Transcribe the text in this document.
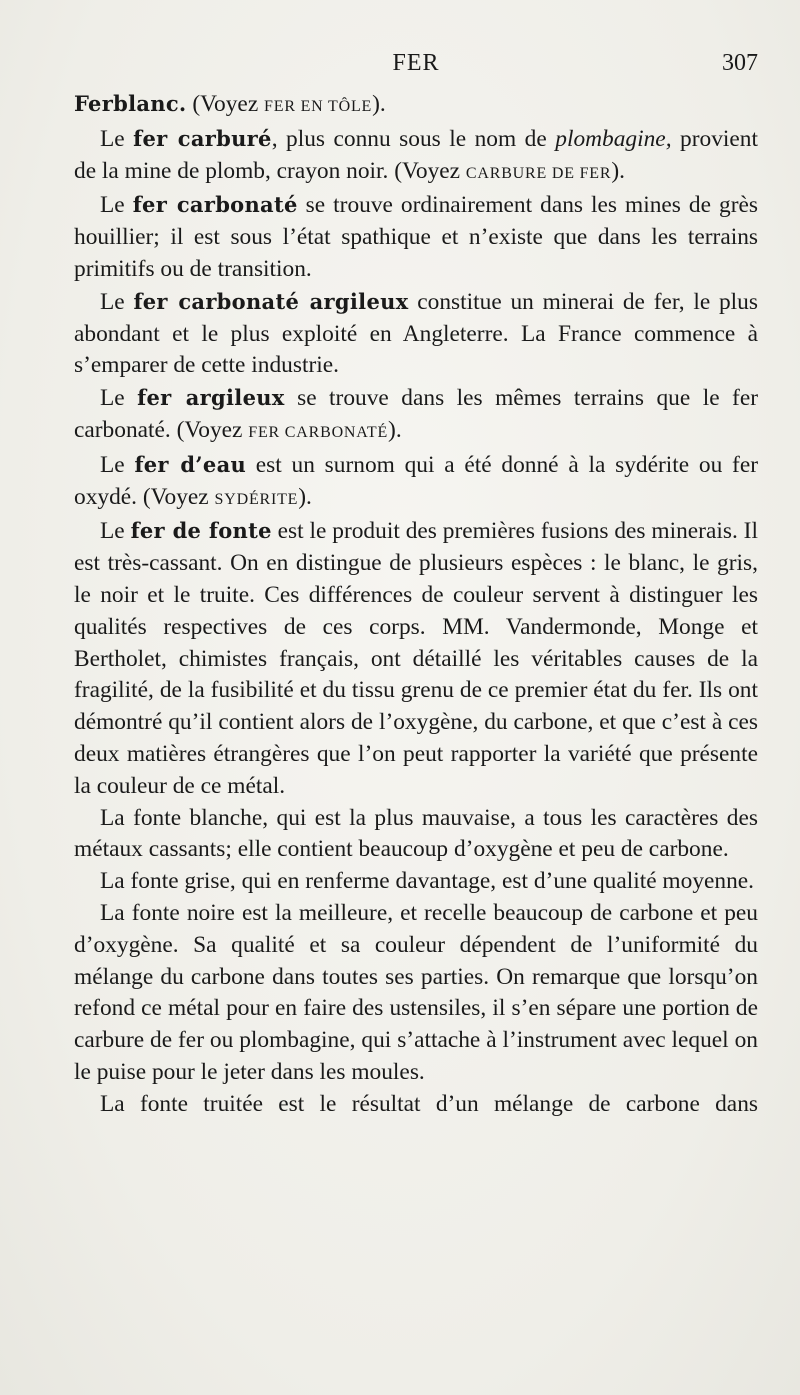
FER	307

Ferblanc. (Voyez FER EN TÔLE).

Le fer carburé, plus connu sous le nom de plombagine, provient de la mine de plomb, crayon noir. (Voyez CARBURE DE FER).

Le fer carbonaté se trouve ordinairement dans les mines de grès houillier; il est sous l’état spathique et n’existe que dans les terrains primitifs ou de transition.

Le fer carbonaté argileux constitue un minerai de fer, le plus abondant et le plus exploité en Angleterre. La France commence à s’emparer de cette industrie.

Le fer argileux se trouve dans les mêmes terrains que le fer carbonaté. (Voyez FER CARBONATÉ).

Le fer d’eau est un surnom qui a été donné à la sydérite ou fer oxydé. (Voyez SYDÉRITE).

Le fer de fonte est le produit des premières fusions des minerais. Il est très-cassant. On en distingue de plusieurs espèces : le blanc, le gris, le noir et le truite. Ces différences de couleur servent à distinguer les qualités respectives de ces corps. MM. Vandermonde, Monge et Bertholet, chimistes français, ont détaillé les véritables causes de la fragilité, de la fusibilité et du tissu grenu de ce premier état du fer. Ils ont démontré qu’il contient alors de l’oxygène, du carbone, et que c’est à ces deux matières étrangères que l’on peut rapporter la variété que présente la couleur de ce métal.

La fonte blanche, qui est la plus mauvaise, a tous les caractères des métaux cassants; elle contient beaucoup d’oxygène et peu de carbone.

La fonte grise, qui en renferme davantage, est d’une qualité moyenne.

La fonte noire est la meilleure, et recelle beaucoup de carbone et peu d’oxygène. Sa qualité et sa couleur dépendent de l’uniformité du mélange du carbone dans toutes ses parties. On remarque que lorsqu’on refond ce métal pour en faire des ustensiles, il s’en sépare une portion de carbure de fer ou plombagine, qui s’attache à l’instrument avec lequel on le puise pour le jeter dans les moules.

La fonte truitée est le résultat d’un mélange de carbone dans
